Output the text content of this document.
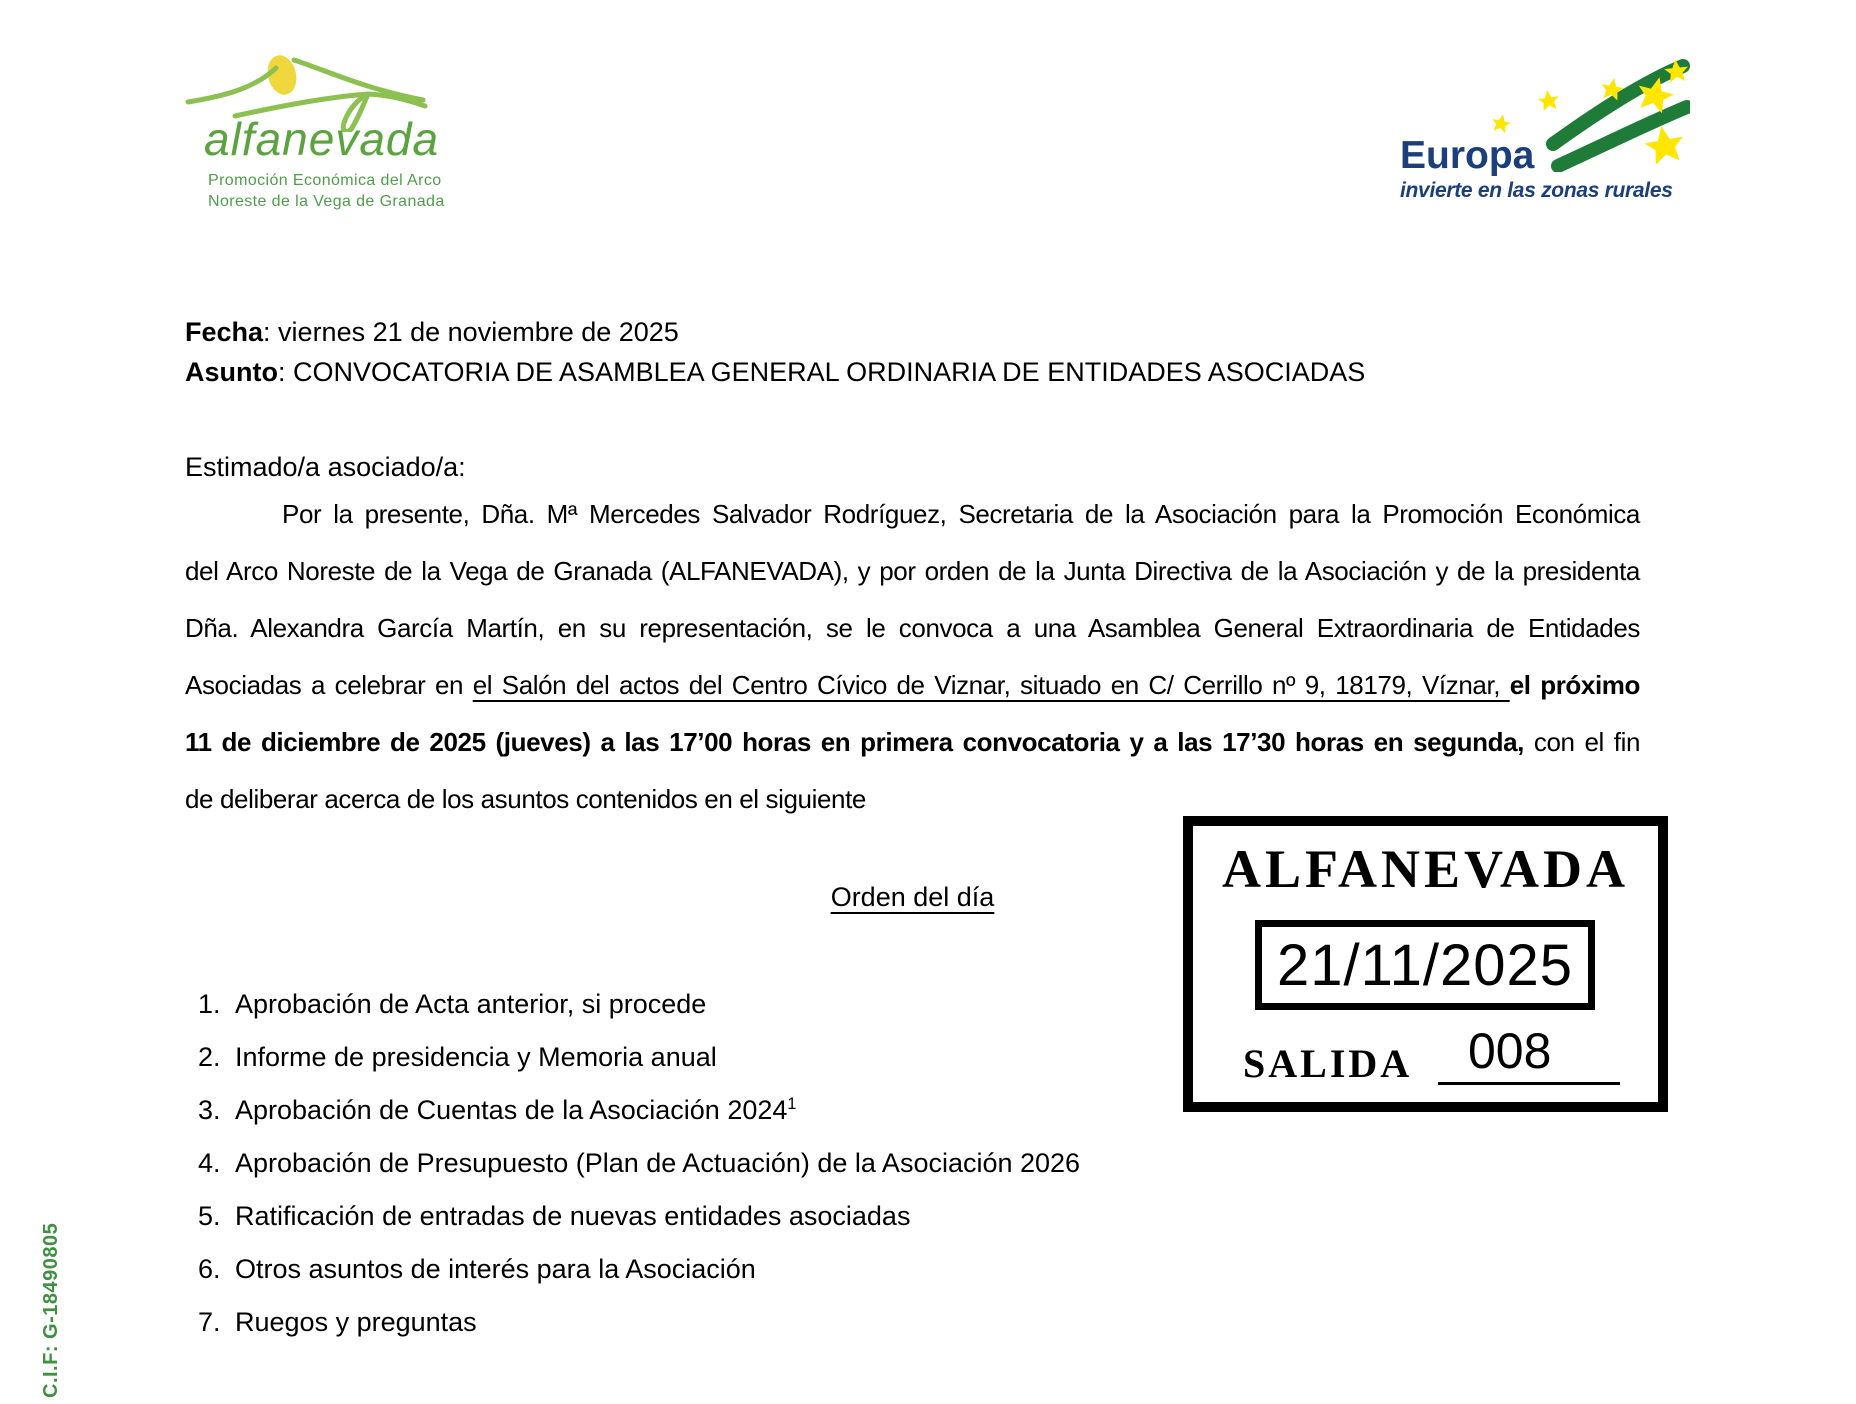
alfanevada
Promoción Económica del Arco
Noreste de la Vega de Granada
Europa
invierte en las zonas rurales
Fecha: viernes 21 de noviembre de 2025
Asunto: CONVOCATORIA DE ASAMBLEA GENERAL ORDINARIA DE ENTIDADES ASOCIADAS
Estimado/a asociado/a:
Por la presente, Dña. Mª Mercedes Salvador Rodríguez, Secretaria de la Asociación para la Promoción Económica
del Arco Noreste de la Vega de Granada (ALFANEVADA), y por orden de la Junta Directiva de la Asociación y de la presidenta
Dña. Alexandra García Martín, en su representación, se le convoca a una Asamblea General Extraordinaria de Entidades
Asociadas a celebrar en el Salón del actos del Centro Cívico de Viznar, situado en C/ Cerrillo nº 9, 18179, Víznar, el próximo
11 de diciembre de 2025 (jueves) a las 17’00 horas en primera convocatoria y a las 17’30 horas en segunda, con el fin
de deliberar acerca de los asuntos contenidos en el siguiente
Orden del día	ALFANEVADA
21/11/2025
SALIDA 008
1. Aprobación de Acta anterior, si procede
2. Informe de presidencia y Memoria anual
3. Aprobación de Cuentas de la Asociación 2024$^1$
4. Aprobación de Presupuesto (Plan de Actuación) de la Asociación 2026
5. Ratificación de entradas de nuevas entidades asociadas
6. Otros asuntos de interés para la Asociación
7. Ruegos y preguntas
C.I.F: G-18490805
